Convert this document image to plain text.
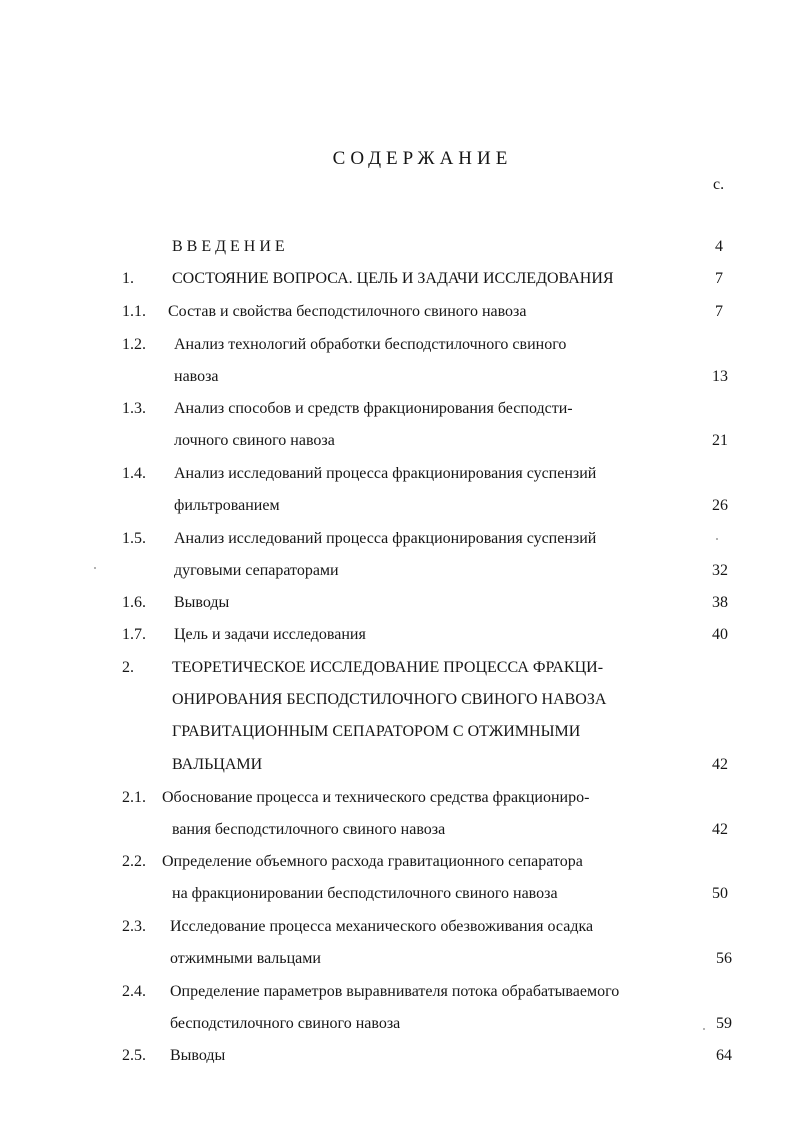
СОДЕРЖАНИЕ
с.
ВВЕДЕНИЕ	4
1. СОСТОЯНИЕ ВОПРОСА. ЦЕЛЬ И ЗАДАЧИ ИССЛЕДОВАНИЯ	7
1.1. Состав и свойства бесподстилочного свиного навоза	7
1.2. Анализ технологий обработки бесподстилочного свиного
навоза	13
1.3. Анализ способов и средств фракционирования бесподсти-
лочного свиного навоза	21
1.4. Анализ исследований процесса фракционирования суспензий
фильтрованием	26
1.5. Анализ исследований процесса фракционирования суспензий
дуговыми сепараторами	32
1.6. Выводы	38
1.7. Цель и задачи исследования	40
2. ТЕОРЕТИЧЕСКОЕ ИССЛЕДОВАНИЕ ПРОЦЕССА ФРАКЦИ-
ОНИРОВАНИЯ БЕСПОДСТИЛОЧНОГО СВИНОГО НАВОЗА
ГРАВИТАЦИОННЫМ СЕПАРАТОРОМ С ОТЖИМНЫМИ
ВАЛЬЦАМИ	42
2.1. Обоснование процесса и технического средства фракциониро-
вания бесподстилочного свиного навоза	42
2.2. Определение объемного расхода гравитационного сепаратора
на фракционировании бесподстилочного свиного навоза	50
2.3. Исследование процесса механического обезвоживания осадка
отжимными вальцами	56
2.4. Определение параметров выравнивателя потока обрабатываемого
бесподстилочного свиного навоза	59
2.5. Выводы	64
